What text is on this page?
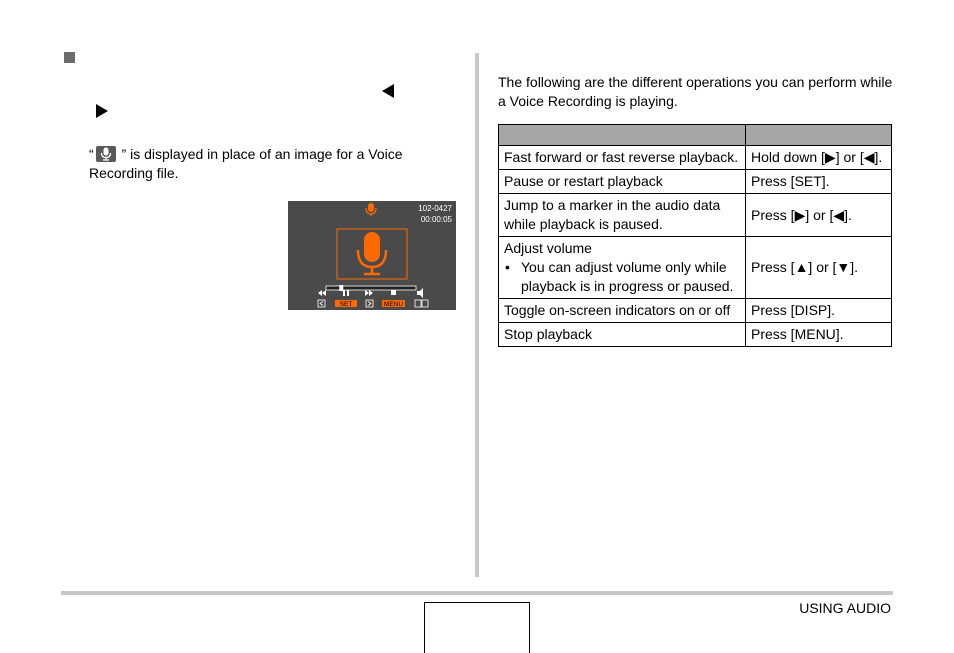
“
” is displayed in place of an image for a Voice Recording file.
102-0427
00:00:05
SET	MENU
The following are the different operations you can perform while a Voice Recording is playing.

Fast forward or fast reverse playback.	Hold down [▶] or [◀].
Pause or restart playback	Press [SET].
Jump to a marker in the audio data while playback is paused.	Press [▶] or [◀].

Adjust volume
• You can adjust volume only while playback is in progress or paused.	Press [▲] or [▼].
Toggle on-screen indicators on or off	Press [DISP].
Stop playback	Press [MENU].
USING AUDIO
